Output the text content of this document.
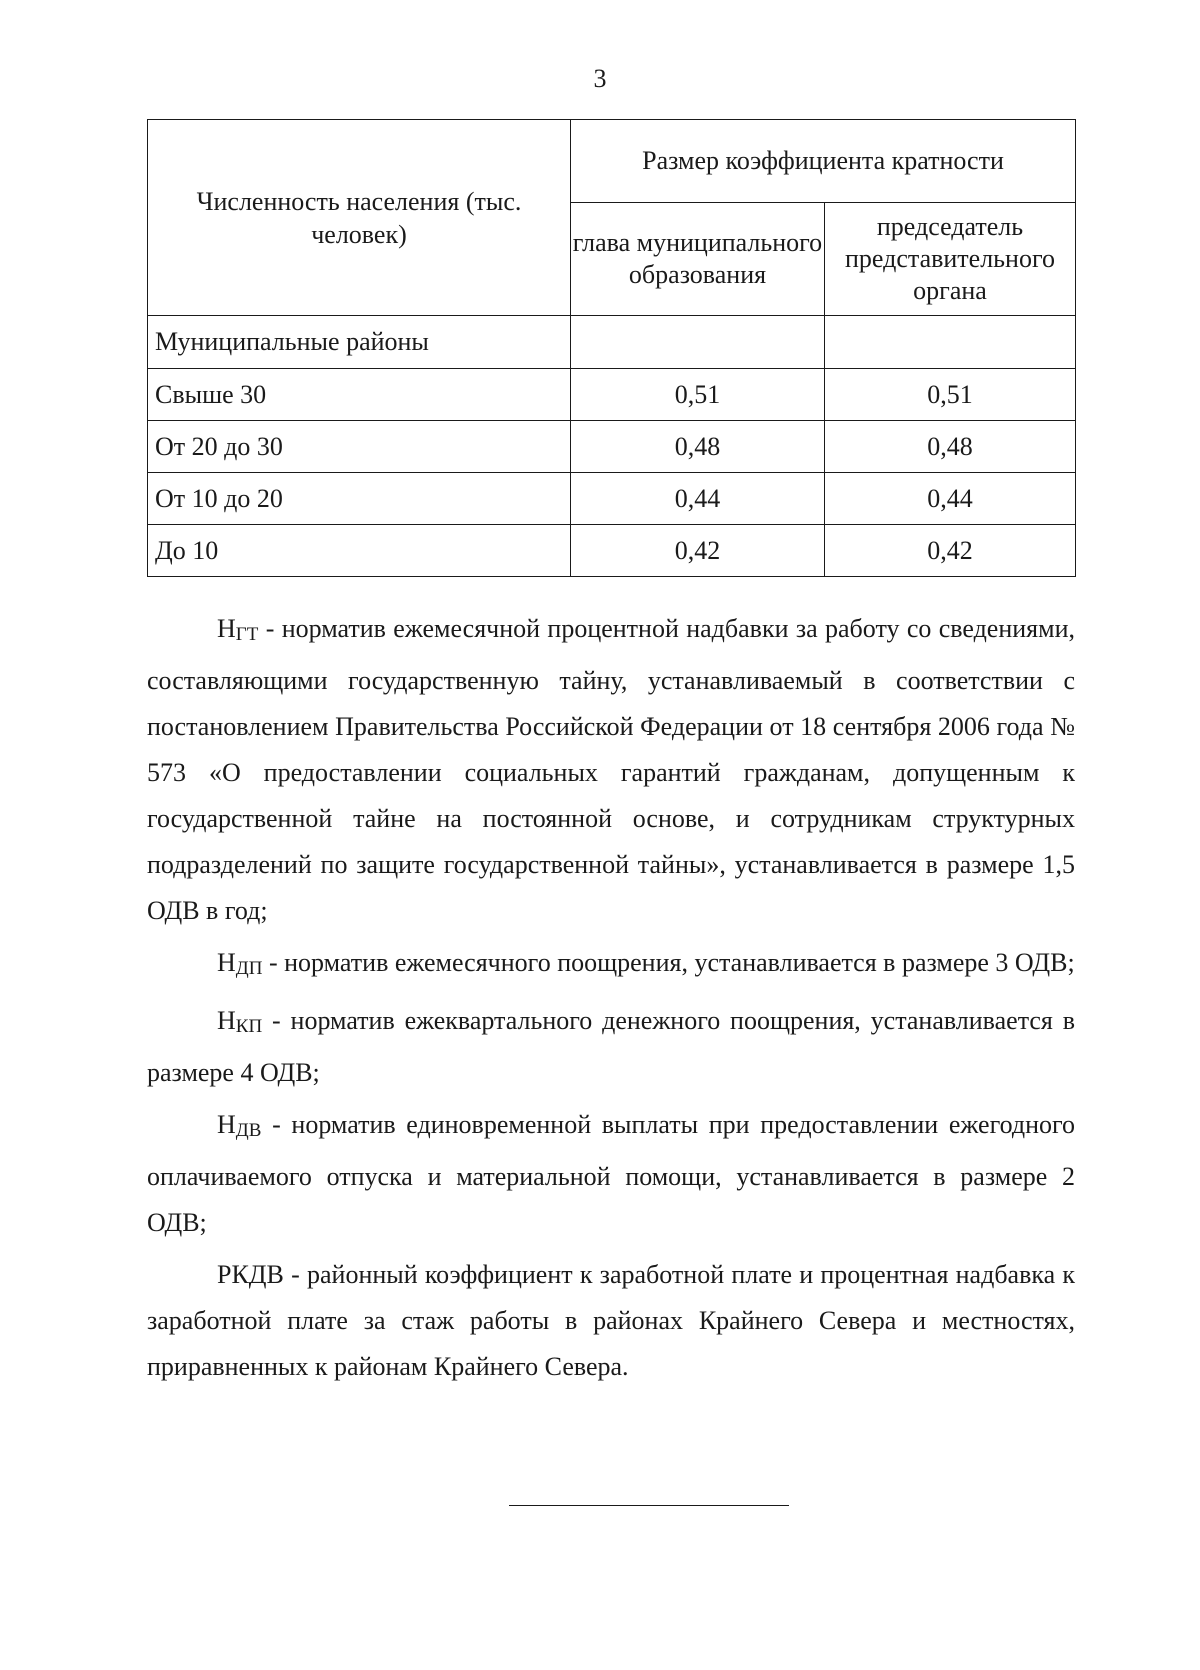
3
Численность населения (тыс. человек)	Размер коэффициента кратности	
	глава муниципального образования	председатель представительного органа
Муниципальные районы		
Свыше 30	0,51	0,51
От 20 до 30	0,48	0,48
От 10 до 20	0,44	0,44
До 10	0,42	0,42

$Н_{ГТ}$ - норматив ежемесячной процентной надбавки за работу со сведениями, составляющими государственную тайну, устанавливаемый в соответствии с постановлением Правительства Российской Федерации от 18 сентября 2006 года № 573 «О предоставлении социальных гарантий гражданам, допущенным к государственной тайне на постоянной основе, и сотрудникам структурных подразделений по защите государственной тайны», устанавливается в размере 1,5 ОДВ в год;

$Н_{ДП}$ - норматив ежемесячного поощрения, устанавливается в размере 3 ОДВ;

$Н_{КП}$ - норматив ежеквартального денежного поощрения, устанавливается в размере 4 ОДВ;

$Н_{ДВ}$ - норматив единовременной выплаты при предоставлении ежегодного оплачиваемого отпуска и материальной помощи, устанавливается в размере 2 ОДВ;

РКДВ - районный коэффициент к заработной плате и процентная надбавка к заработной плате за стаж работы в районах Крайнего Севера и местностях, приравненных к районам Крайнего Севера.
